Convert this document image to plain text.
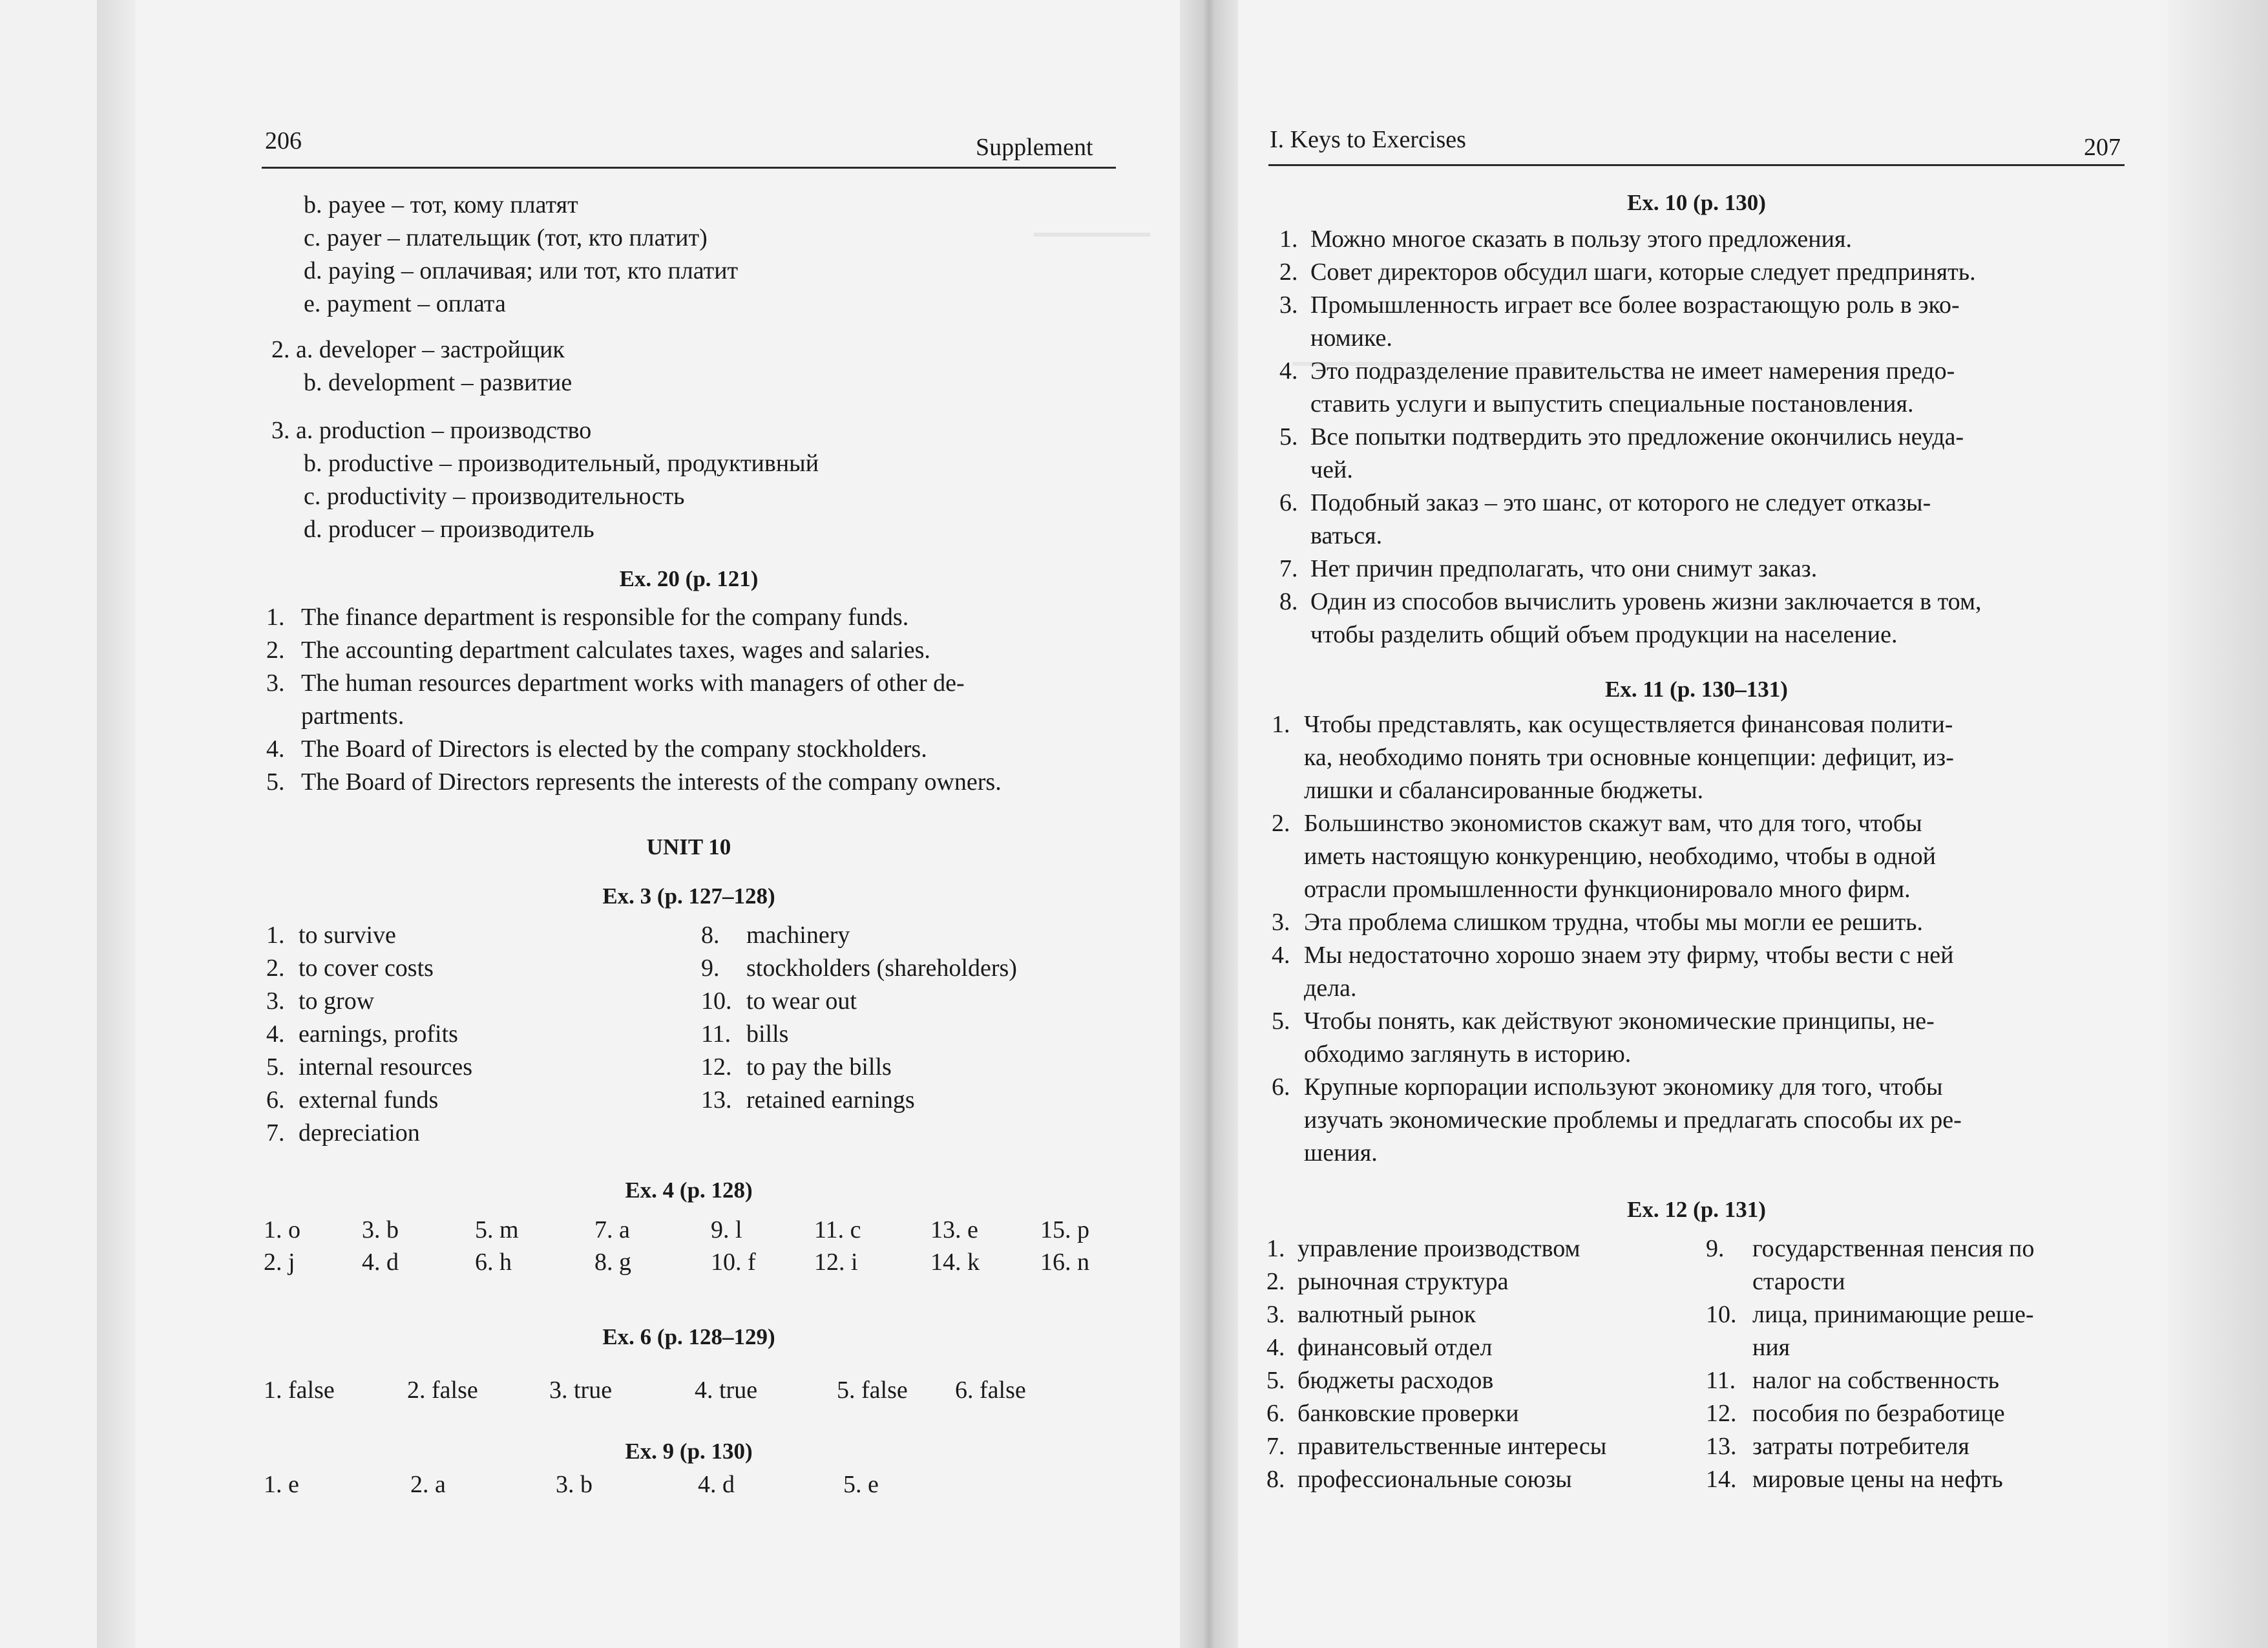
206	Supplement
b. payee – тот, кому платят
c. payer – плательщик (тот, кто платит)
d. paying – оплачивая; или тот, кто платит
e. payment – оплата
2. a. developer – застройщик
b. development – развитие
3. a. production – производство
b. productive – производительный, продуктивный
c. productivity – производительность
d. producer – производитель
Ex. 20 (p. 121)
1. The finance department is responsible for the company funds.
2. The accounting department calculates taxes, wages and salaries.
3. The human resources department works with managers of other de-
partments.
4. The Board of Directors is elected by the company stockholders.
5. The Board of Directors represents the interests of the company owners.
UNIT 10
Ex. 3 (p. 127–128)
1. to survive
2. to cover costs
3. to grow
4. earnings, profits
5. internal resources
6. external funds
7. depreciation
8. machinery
9. stockholders (shareholders)
10. to wear out
11. bills
12. to pay the bills
13. retained earnings
Ex. 4 (p. 128)
1. o	3. b	5. m	7. a	9. l	11. c	13. e	15. p
2. j	4. d	6. h	8. g	10. f 12. i	14. k 16. n
Ex. 6 (p. 128–129)
1. false	2. false	3. true	4. true	5. false 6. false
Ex. 9 (p. 130)
1. e	2. a	3. b	4. d	5. e
I. Keys to Exercises	207
Ex. 10 (p. 130)
1. Можно многое сказать в пользу этого предложения.
2. Совет директоров обсудил шаги, которые следует предпринять.
3. Промышленность играет все более возрастающую роль в эко-
номике.
4. Это подразделение правительства не имеет намерения предо-
ставить услуги и выпустить специальные постановления.
5. Все попытки подтвердить это предложение окончились неуда-
чей.
6. Подобный заказ – это шанс, от которого не следует отказы-
ваться.
7. Нет причин предполагать, что они снимут заказ.
8. Один из способов вычислить уровень жизни заключается в том,
чтобы разделить общий объем продукции на население.
Ex. 11 (p. 130–131)
1. Чтобы представлять, как осуществляется финансовая полити-
ка, необходимо понять три основные концепции: дефицит, из-
лишки и сбалансированные бюджеты.
2. Большинство экономистов скажут вам, что для того, чтобы
иметь настоящую конкуренцию, необходимо, чтобы в одной
отрасли промышленности функционировало много фирм.
3. Эта проблема слишком трудна, чтобы мы могли ее решить.
4. Мы недостаточно хорошо знаем эту фирму, чтобы вести с ней
дела.
5. Чтобы понять, как действуют экономические принципы, не-
обходимо заглянуть в историю.
6. Крупные корпорации используют экономику для того, чтобы
изучать экономические проблемы и предлагать способы их ре-
шения.
Ex. 12 (p. 131)
1. управление производством
2. рыночная структура
3. валютный рынок
4. финансовый отдел
5. бюджеты расходов
6. банковские проверки
7. правительственные интересы
8. профессиональные союзы
9. государственная пенсия по
старости
10. лица, принимающие реше-
ния
11. налог на собственность
12. пособия по безработице
13. затраты потребителя
14. мировые цены на нефть
